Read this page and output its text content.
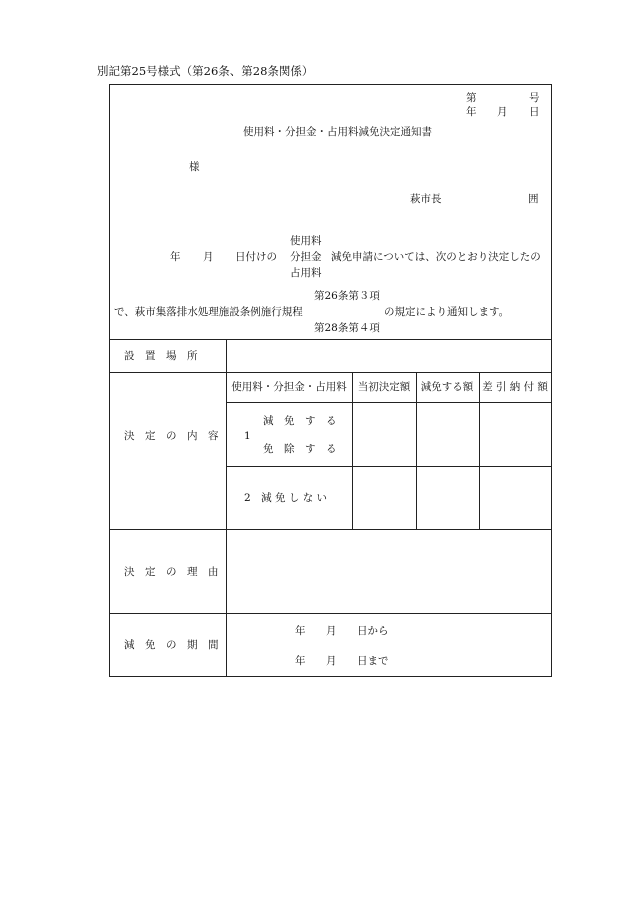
別記第25号様式（第26条、第28条関係）
第	号
年 月 日
使用料・分担金・占用料減免決定通知書
様
萩市長	囲
使用料
年 月 日付けの 分担金 減免申請については、次のとおり決定したの
占用料
第26条第３項
で、萩市集落排水処理施設条例施行規程	の規定により通知します。
第28条第４項
設　置　場　所
使用料・分担金・占用料 当初決定額 減免する額 差 引 納 付 額
決　定　の　内　容 1
減　免　す　る
免　除　す　る
2　減 免 し な い
決　定　の　理　由
減　免　の　期　間
年 月 日から
年 月 日まで
